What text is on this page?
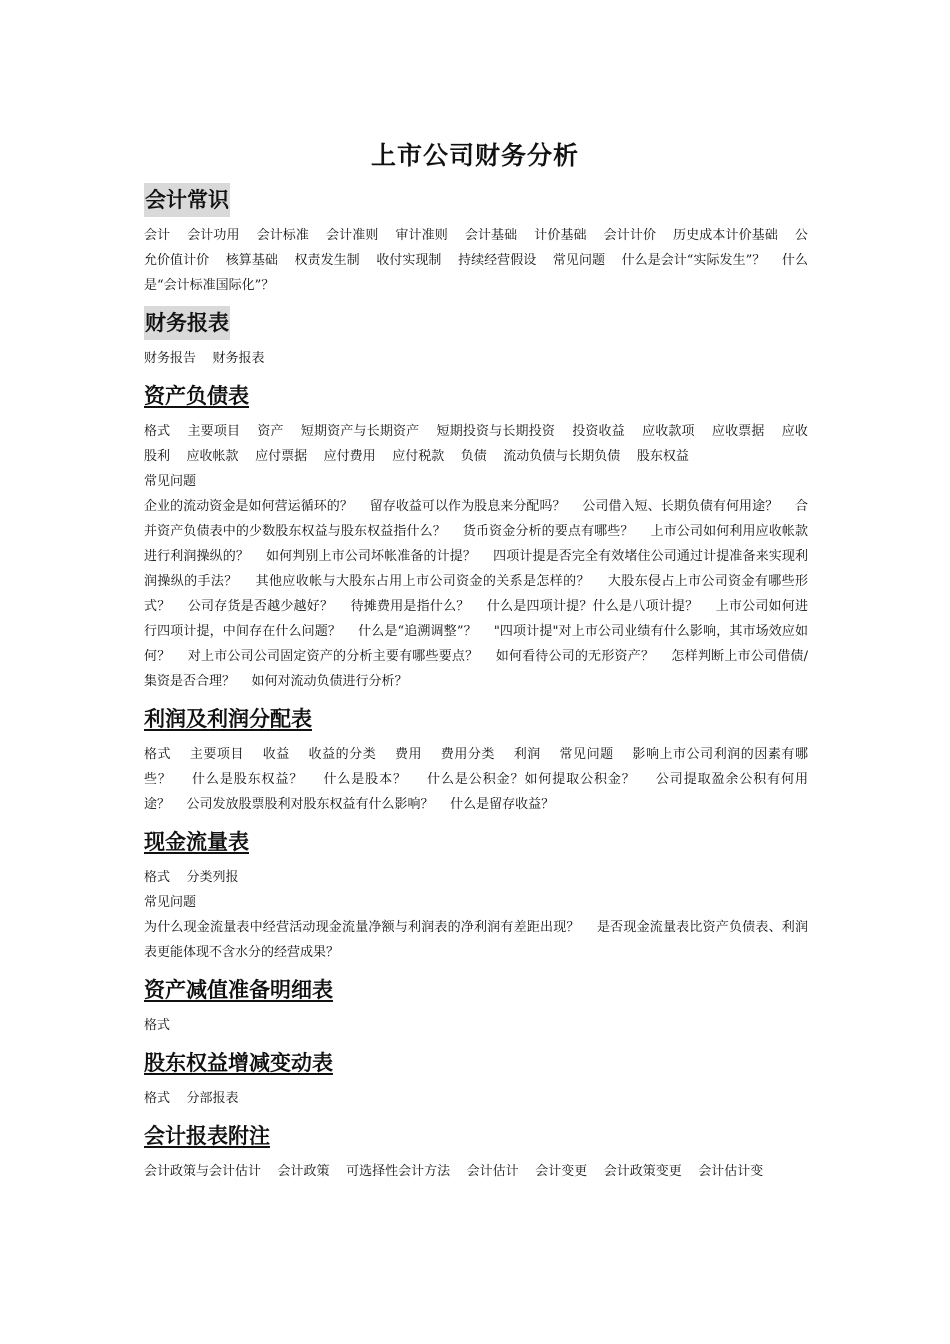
上市公司财务分析
会计常识

会计 会计功用 会计标准 会计准则 审计准则 会计基础 计价基础 会计计价 历史成本计价基础 公允价值计价 核算基础 权责发生制 收付实现制 持续经营假设 常见问题 什么是会计“实际发生”？ 什么是“会计标准国际化”？

财务报表

财务报告 财务报表

资产负债表

格式 主要项目 资产 短期资产与长期资产 短期投资与长期投资 投资收益 应收款项 应收票据 应收股利 应收帐款 应付票据 应付费用 应付税款 负债 流动负债与长期负债 股东权益

常见问题

企业的流动资金是如何营运循环的？ 留存收益可以作为股息来分配吗？ 公司借入短、长期负债有何用途？ 合并资产负债表中的少数股东权益与股东权益指什么？ 货币资金分析的要点有哪些？ 上市公司如何利用应收帐款进行利润操纵的？ 如何判别上市公司坏帐准备的计提？ 四项计提是否完全有效堵住公司通过计提准备来实现利润操纵的手法？ 其他应收帐与大股东占用上市公司资金的关系是怎样的？ 大股东侵占上市公司资金有哪些形式？ 公司存货是否越少越好？ 待摊费用是指什么？ 什么是四项计提？什么是八项计提？ 上市公司如何进行四项计提，中间存在什么问题？ 什么是“追溯调整”？ "四项计提"对上市公司业绩有什么影响，其市场效应如何？ 对上市公司公司固定资产的分析主要有哪些要点？ 如何看待公司的无形资产？ 怎样判断上市公司借债/集资是否合理？ 如何对流动负债进行分析？

利润及利润分配表

格式 主要项目 收益 收益的分类 费用 费用分类 利润 常见问题 影响上市公司利润的因素有哪些？ 什么是股东权益？ 什么是股本？ 什么是公积金？如何提取公积金？ 公司提取盈余公积有何用途？ 公司发放股票股利对股东权益有什么影响？ 什么是留存收益？

现金流量表

格式 分类列报

常见问题

为什么现金流量表中经营活动现金流量净额与利润表的净利润有差距出现？ 是否现金流量表比资产负债表、利润表更能体现不含水分的经营成果？

资产减值准备明细表

格式

股东权益增减变动表

格式 分部报表

会计报表附注

会计政策与会计估计 会计政策 可选择性会计方法 会计估计 会计变更 会计政策变更 会计估计变
